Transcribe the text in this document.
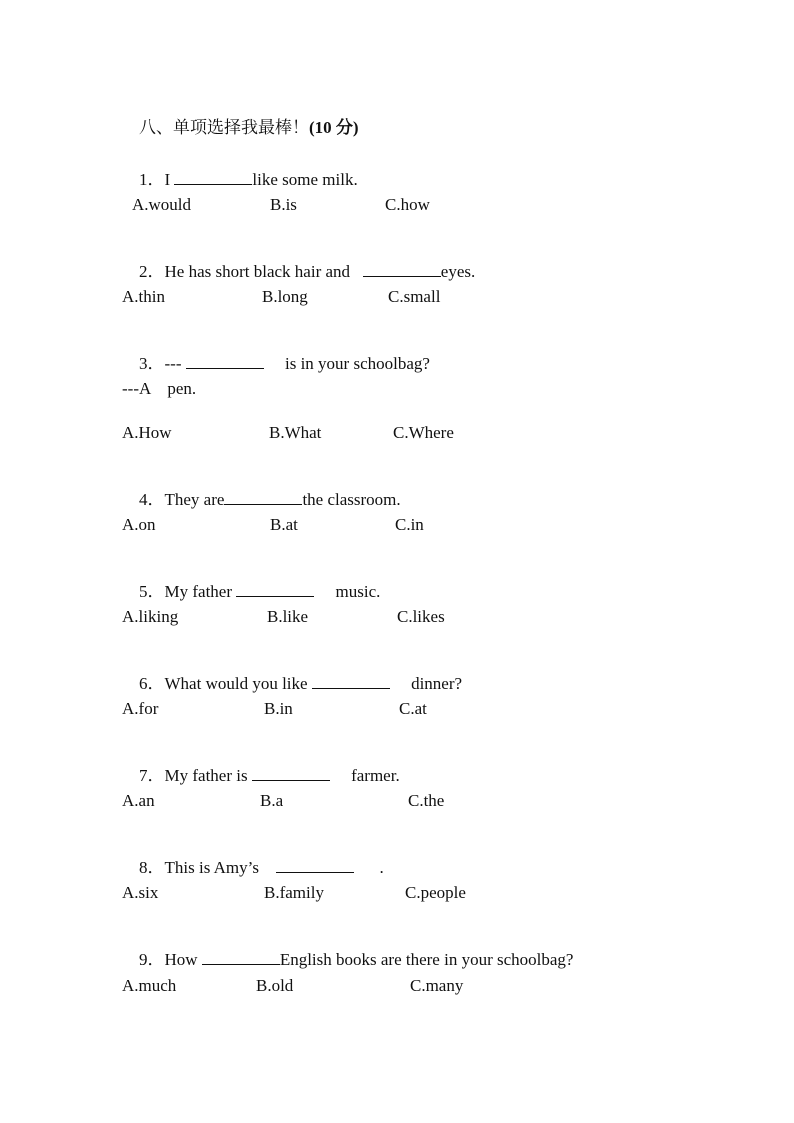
八、单项选择我最棒！(10 分)

1．I	like some milk.

A.would	B.is	C.how

2．He has short black hair and	eyes.

A.thin	B.long	C.small

3．---	is in your schoolbag?

---A    pen.
A.How	B.What	C.Where

4．They are	the classroom.

A.on	B.at	C.in

5．My father	music.

A.liking	B.like	C.likes

6．What would you like	dinner?

A.for	B.in	C.at

7．My father is	farmer.

A.an	B.a	C.the

8．This is Amy’s	.

A.six	B.family	C.people

9．How	English books are there in your schoolbag?

A.much	B.old	C.many
